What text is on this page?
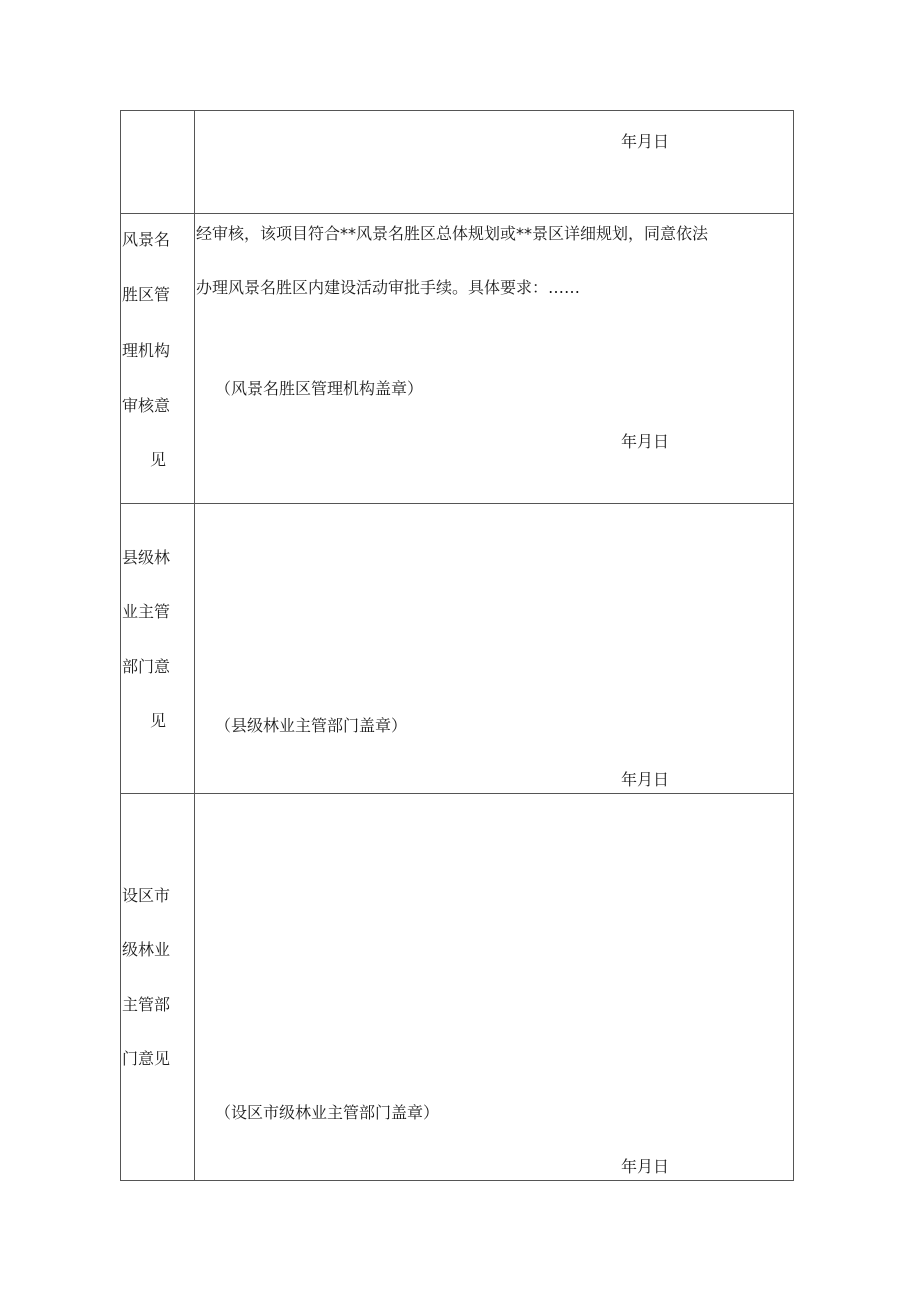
年月日
风景名
胜区管
理机构
审核意
见
经审核，该项目符合**风景名胜区总体规划或**景区详细规划，同意依法
办理风景名胜区内建设活动审批手续。具体要求：……
（风景名胜区管理机构盖章）
年月日
县级林
业主管
部门意
见	（县级林业主管部门盖章）
年月日
设区市
级林业
主管部
门意见
（设区市级林业主管部门盖章）
年月日
